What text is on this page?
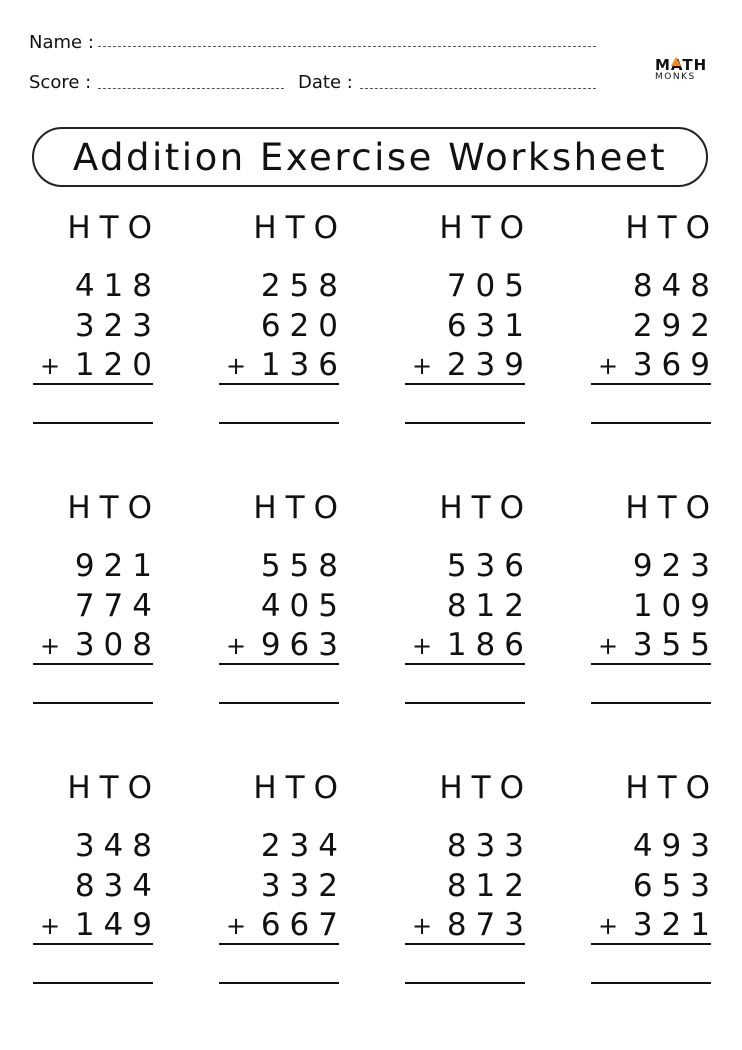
Name :
Score :	Date :
MATH
MONKS
Addition Exercise Worksheet
HTO
418
323
120
+
HTO
258
620
136
+
HTO
705
631
239
+
HTO
848
292
369
+
HTO
921
774
308
+
HTO
558
405
963
+
HTO
536
812
186
+
HTO
923
109
355
+
HTO
348
834
149
+
HTO
234
332
667
+
HTO
833
812
873
+
HTO
493
653
321
+
